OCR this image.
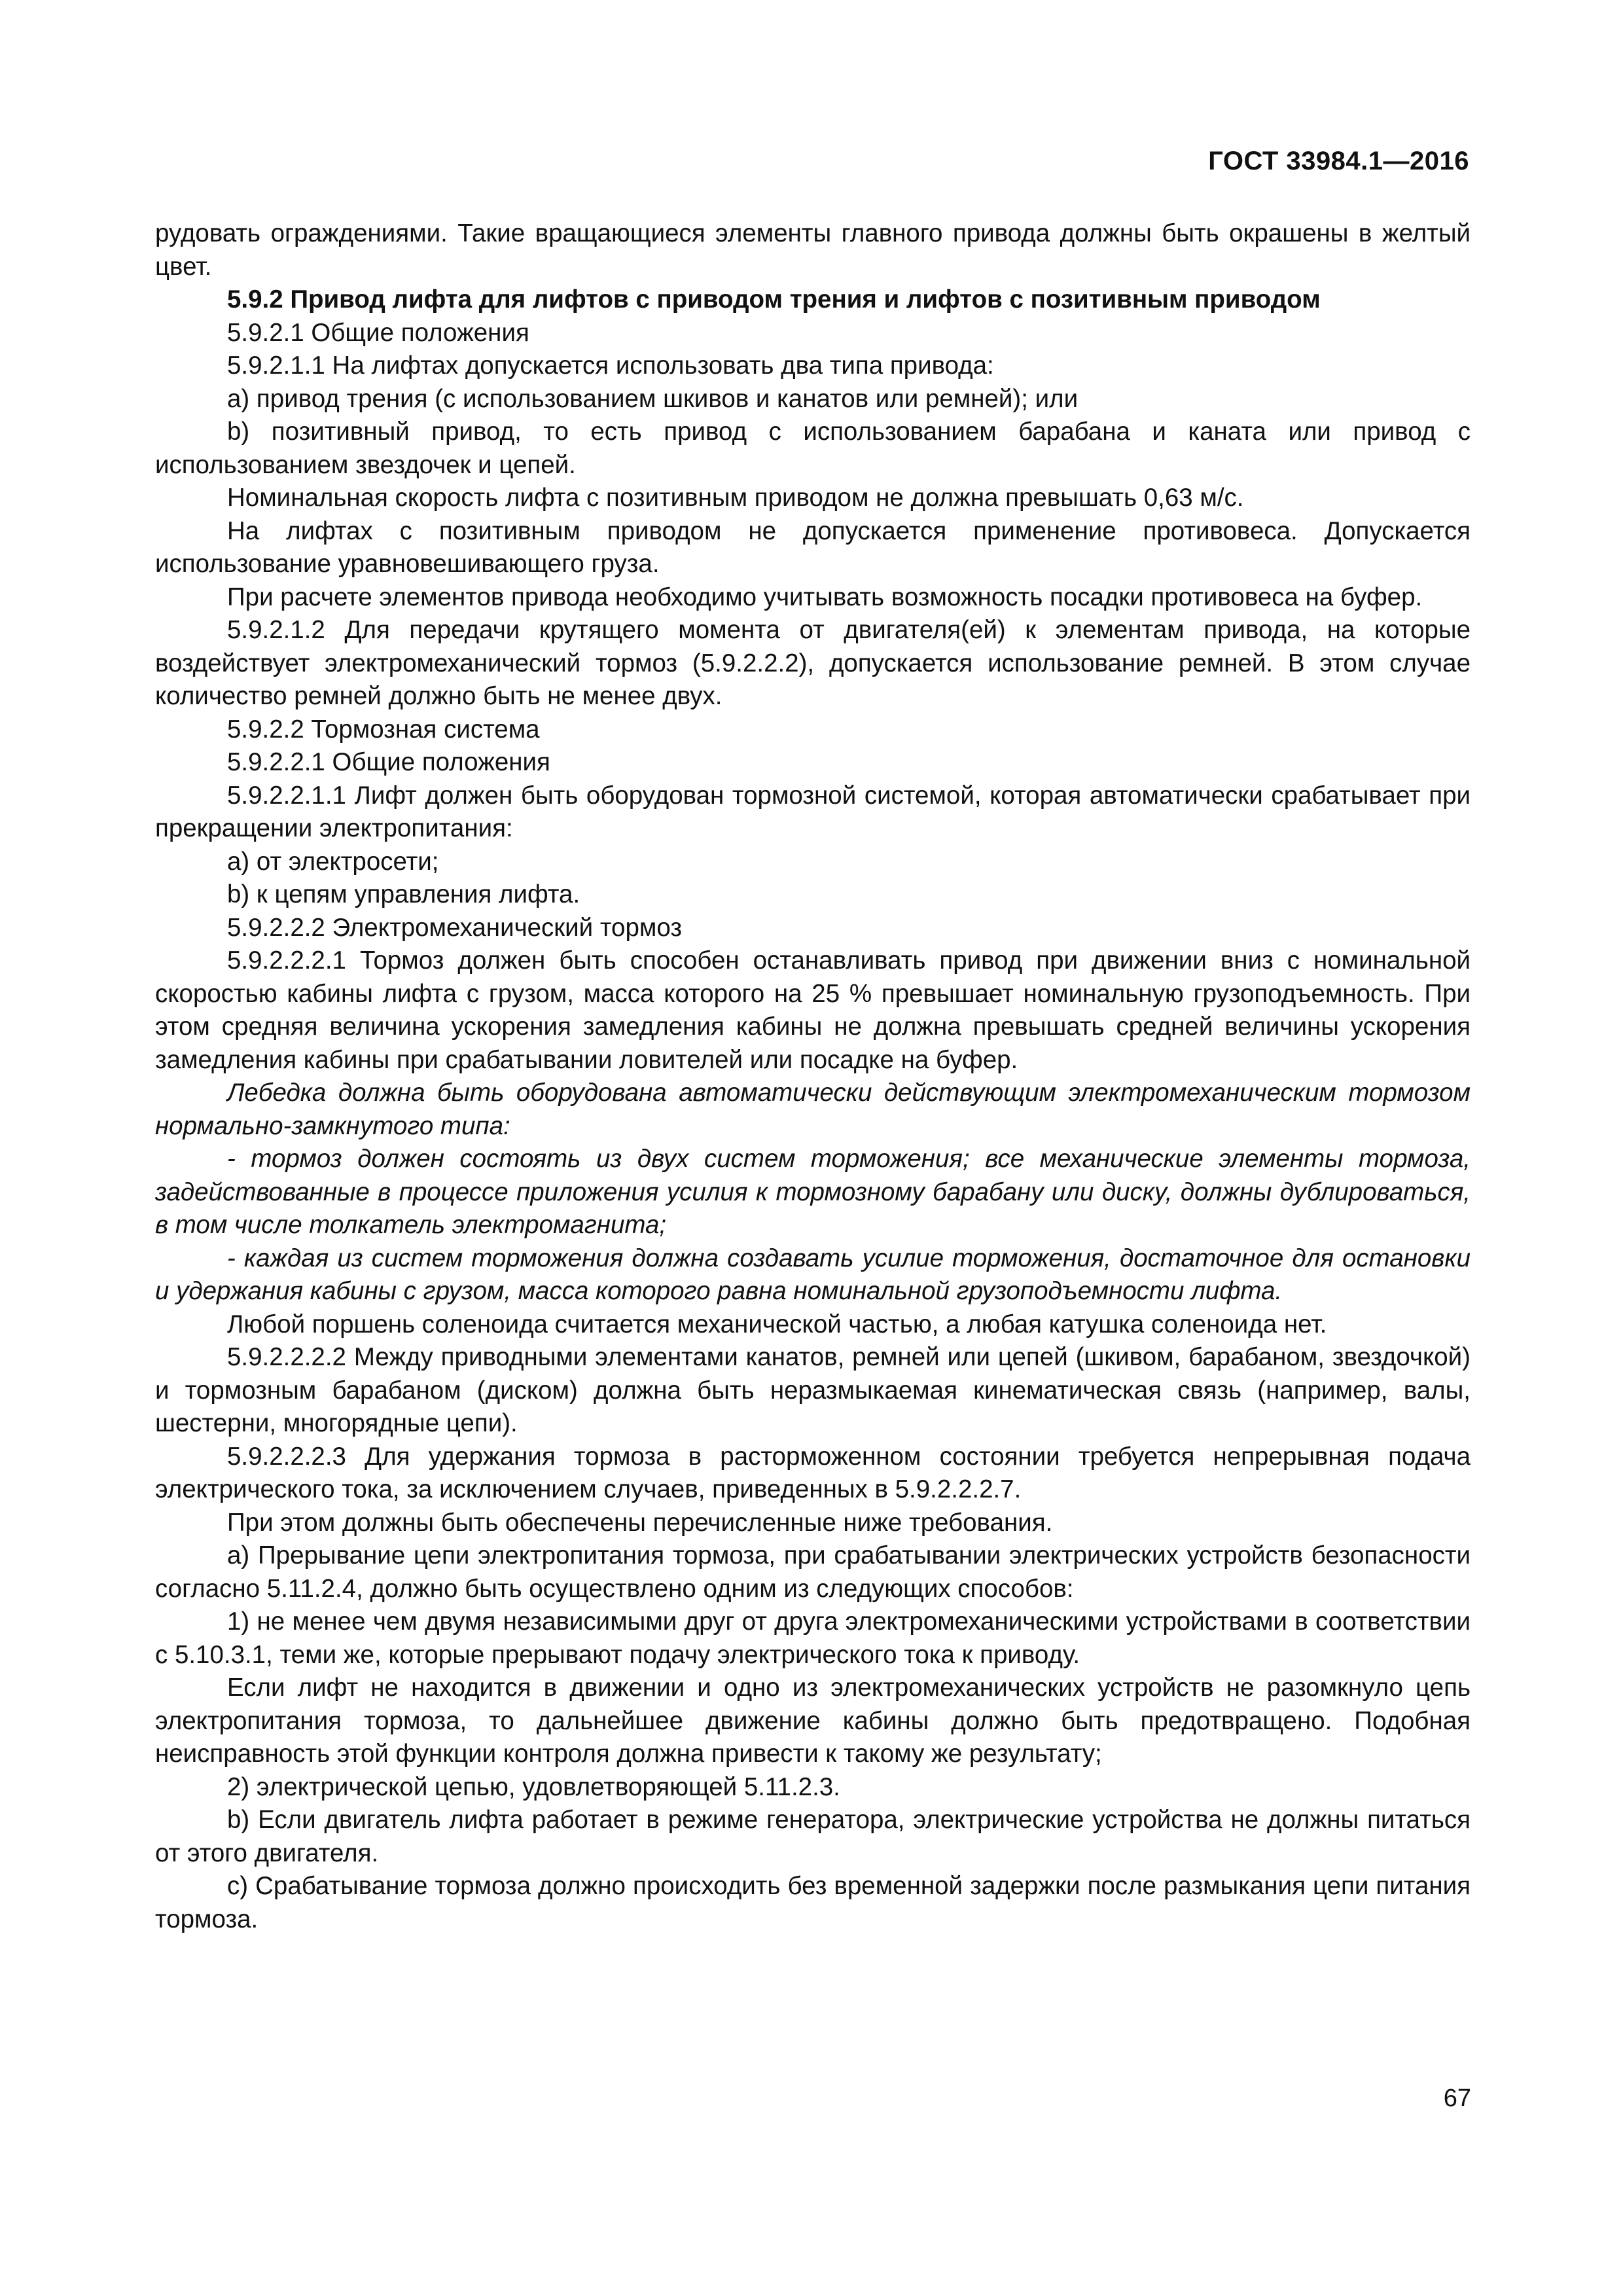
ГОСТ 33984.1—2016

рудовать ограждениями. Такие вращающиеся элементы главного привода должны быть окрашены в желтый цвет.

5.9.2 Привод лифта для лифтов с приводом трения и лифтов с позитивным приводом

5.9.2.1 Общие положения

5.9.2.1.1 На лифтах допускается использовать два типа привода:

a) привод трения (с использованием шкивов и канатов или ремней); или

b) позитивный привод, то есть привод с использованием барабана и каната или привод с использованием звездочек и цепей.

Номинальная скорость лифта с позитивным приводом не должна превышать 0,63 м/с.

На лифтах с позитивным приводом не допускается применение противовеса. Допускается использование уравновешивающего груза.

При расчете элементов привода необходимо учитывать возможность посадки противовеса на буфер.

5.9.2.1.2 Для передачи крутящего момента от двигателя(ей) к элементам привода, на которые воздействует электромеханический тормоз (5.9.2.2.2), допускается использование ремней. В этом случае количество ремней должно быть не менее двух.

5.9.2.2 Тормозная система

5.9.2.2.1 Общие положения

5.9.2.2.1.1 Лифт должен быть оборудован тормозной системой, которая автоматически срабатывает при прекращении электропитания:

a) от электросети;

b) к цепям управления лифта.

5.9.2.2.2 Электромеханический тормоз

5.9.2.2.2.1 Тормоз должен быть способен останавливать привод при движении вниз с номинальной скоростью кабины лифта с грузом, масса которого на 25 % превышает номинальную грузоподъемность. При этом средняя величина ускорения замедления кабины не должна превышать средней величины ускорения замедления кабины при срабатывании ловителей или посадке на буфер.

Лебедка должна быть оборудована автоматически действующим электромеханическим тормозом нормально-замкнутого типа:

- тормоз должен состоять из двух систем торможения; все механические элементы тормоза, задействованные в процессе приложения усилия к тормозному барабану или диску, должны дублироваться, в том числе толкатель электромагнита;

- каждая из систем торможения должна создавать усилие торможения, достаточное для остановки и удержания кабины с грузом, масса которого равна номинальной грузоподъемности лифта.

Любой поршень соленоида считается механической частью, а любая катушка соленоида нет.

5.9.2.2.2.2 Между приводными элементами канатов, ремней или цепей (шкивом, барабаном, звездочкой) и тормозным барабаном (диском) должна быть неразмыкаемая кинематическая связь (например, валы, шестерни, многорядные цепи).

5.9.2.2.2.3 Для удержания тормоза в расторможенном состоянии требуется непрерывная подача электрического тока, за исключением случаев, приведенных в 5.9.2.2.2.7.

При этом должны быть обеспечены перечисленные ниже требования.

a) Прерывание цепи электропитания тормоза, при срабатывании электрических устройств безопасности согласно 5.11.2.4, должно быть осуществлено одним из следующих способов:

1) не менее чем двумя независимыми друг от друга электромеханическими устройствами в соответствии с 5.10.3.1, теми же, которые прерывают подачу электрического тока к приводу.

Если лифт не находится в движении и одно из электромеханических устройств не разомкнуло цепь электропитания тормоза, то дальнейшее движение кабины должно быть предотвращено. Подобная неисправность этой функции контроля должна привести к такому же результату;

2) электрической цепью, удовлетворяющей 5.11.2.3.

b) Если двигатель лифта работает в режиме генератора, электрические устройства не должны питаться от этого двигателя.

c) Срабатывание тормоза должно происходить без временной задержки после размыкания цепи питания тормоза.

67
